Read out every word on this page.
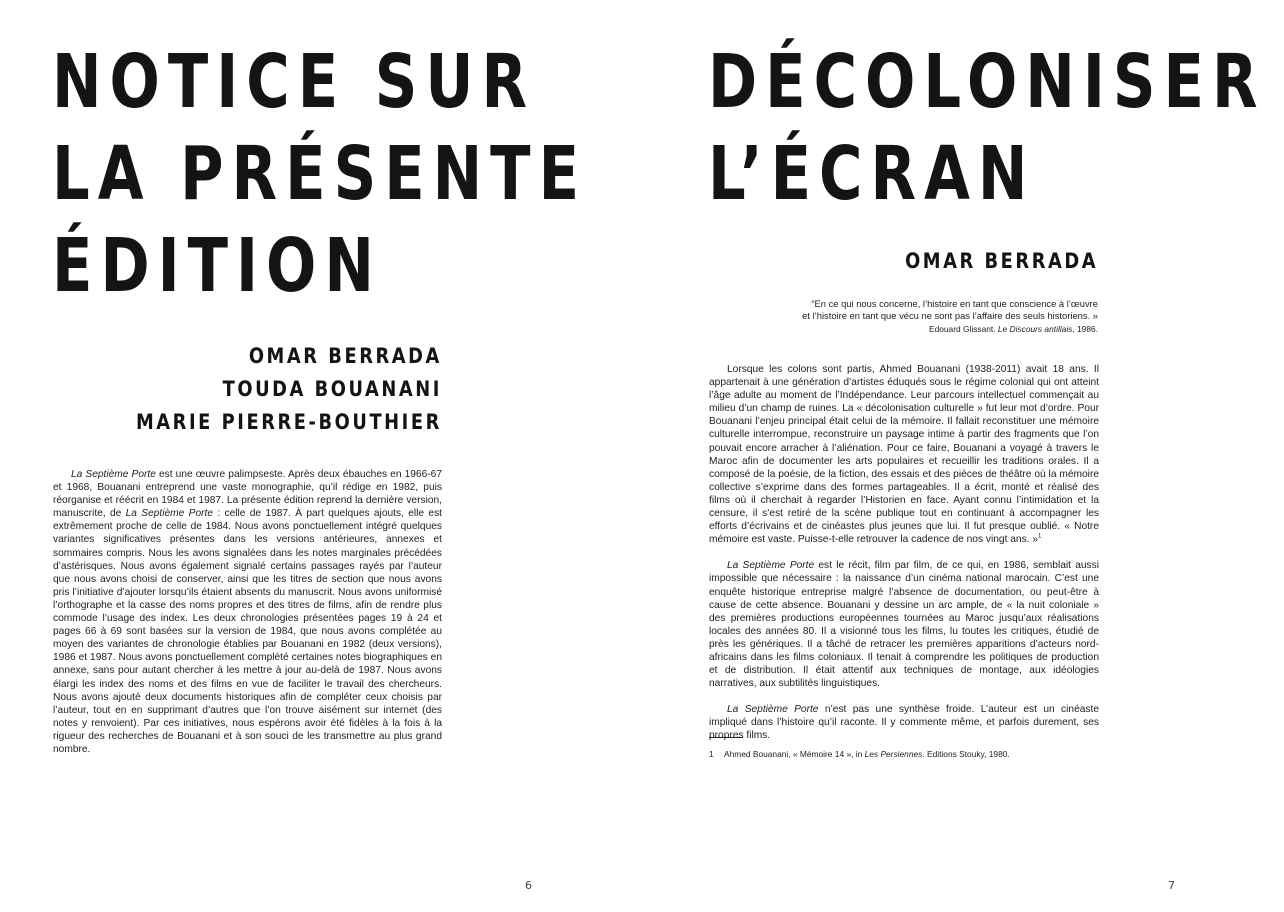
NOTICE SUR
LA PRÉSENTE
ÉDITION
OMAR BERRADA
TOUDA BOUANANI
MARIE PIERRE-BOUTHIER

La Septième Porte est une œuvre palimpseste. Après deux ébauches en 1966-67 et 1968, Bouanani entreprend une vaste monographie, qu’il rédige en 1982, puis réorganise et réécrit en 1984 et 1987. La présente édition reprend la dernière version, manuscrite, de La Septième Porte : celle de 1987. À part quelques ajouts, elle est extrêmement proche de celle de 1984. Nous avons ponctuellement intégré quelques variantes significatives présentes dans les versions antérieures, annexes et sommaires compris. Nous les avons signalées dans les notes marginales précédées d’astérisques. Nous avons également signalé certains passages rayés par l’auteur que nous avons choisi de conserver, ainsi que les titres de section que nous avons pris l’initiative d’ajouter lorsqu’ils étaient absents du manuscrit. Nous avons uniformisé l’orthographe et la casse des noms propres et des titres de films, afin de rendre plus commode l’usage des index. Les deux chronologies présentées pages 19 à 24 et pages 66 à 69 sont basées sur la version de 1984, que nous avons complétée au moyen des variantes de chronologie établies par Bouanani en 1982 (deux versions), 1986 et 1987. Nous avons ponctuellement complété certaines notes biographiques en annexe, sans pour autant chercher à les mettre à jour au-delà de 1987. Nous avons élargi les index des noms et des films en vue de faciliter le travail des chercheurs. Nous avons ajouté deux documents historiques afin de compléter ceux choisis par l’auteur, tout en en supprimant d’autres que l’on trouve aisément sur internet (des notes y renvoient). Par ces initiatives, nous espérons avoir été fidèles à la fois à la rigueur des recherches de Bouanani et à son souci de les transmettre au plus grand nombre.

6
DÉCOLONISER
L’ÉCRAN
OMAR BERRADA
“En ce qui nous concerne, l’histoire en tant que conscience à l’œuvre
et l’histoire en tant que vécu ne sont pas l’affaire des seuls historiens. »
Edouard Glissant. Le Discours antillais, 1986.

Lorsque les colons sont partis, Ahmed Bouanani (1938-2011) avait 18 ans. Il appartenait à une génération d’artistes éduqués sous le régime colonial qui ont atteint l’âge adulte au moment de l’Indépendance. Leur parcours intellectuel commençait au milieu d’un champ de ruines. La « décolonisation culturelle » fut leur mot d’ordre. Pour Bouanani l’enjeu principal était celui de la mémoire. Il fallait reconstituer une mémoire culturelle interrompue, reconstruire un paysage intime à partir des fragments que l’on pouvait encore arracher à l’aliénation. Pour ce faire, Bouanani a voyagé à travers le Maroc afin de documenter les arts populaires et recueillir les traditions orales. Il a composé de la poésie, de la fiction, des essais et des pièces de théâtre où la mémoire collective s’exprime dans des formes partageables. Il a écrit, monté et réalisé des films où il cherchait à regarder l’Historien en face. Ayant connu l’intimidation et la censure, il s’est retiré de la scène publique tout en continuant à accompagner les efforts d’écrivains et de cinéastes plus jeunes que lui. Il fut presque oublié. « Notre mémoire est vaste. Puisse-t-elle retrouver la cadence de nos vingt ans. »$^1$

La Septième Porte est le récit, film par film, de ce qui, en 1986, semblait aussi impossible que nécessaire : la naissance d’un cinéma national marocain. C’est une enquête historique entreprise malgré l’absence de documentation, ou peut-être à cause de cette absence. Bouanani y dessine un arc ample, de « la nuit coloniale » des premières productions européennes tournées au Maroc jusqu’aux réalisations locales des années 80. Il a visionné tous les films, lu toutes les critiques, étudié de près les génériques. Il a tâché de retracer les premières apparitions d’acteurs nord-africains dans les films coloniaux. Il tenait à comprendre les politiques de production et de distribution. Il était attentif aux techniques de montage, aux idéologies narratives, aux subtilités linguistiques.

La Septième Porte n’est pas une synthèse froide. L’auteur est un cinéaste impliqué dans l’histoire qu’il raconte. Il y commente même, et parfois durement, ses propres films.

1 Ahmed Bouanani, « Mémoire 14 », in Les Persiennes. Editions Stouky, 1980.
7
